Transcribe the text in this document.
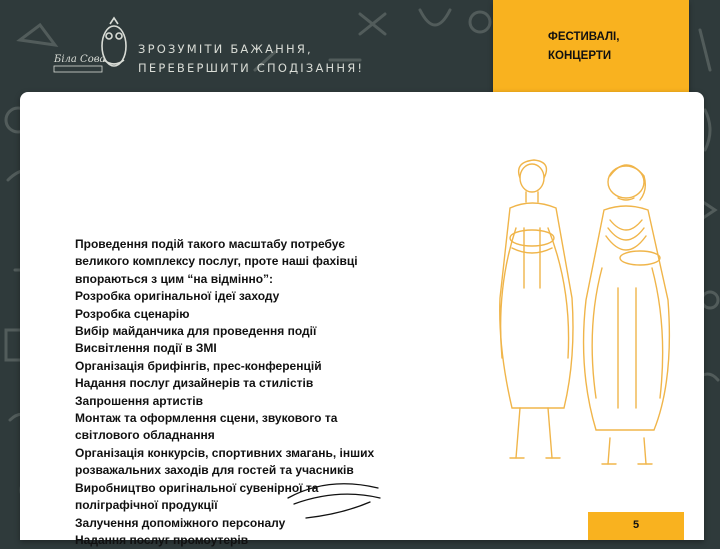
Біла Сова
ЗРОЗУМІТИ БАЖАННЯ,
ПЕРЕВЕРШИТИ СПОДІЗАННЯ!
ФЕСТИВАЛІ,
КОНЦЕРТИ
Проведення подій такого масштабу потребує
великого комплексу послуг, проте наші фахівці
впораються з цим “на відмінно”:
Розробка оригінальної ідеї заходу
Розробка сценарію
Вибір майданчика для проведення події
Висвітлення події в ЗМІ
Організація брифінгів, прес-конференцій
Надання послуг дизайнерів та стилістів
Запрошення артистів
Монтаж та оформлення сцени, звукового та
світлового обладнання
Організація конкурсів, спортивних змагань, інших
розважальних заходів для гостей та учасників
Виробництво оригінальної сувенірної та
поліграфічної продукції
Залучення допоміжного персоналу
Надання послуг промоутерів
5
